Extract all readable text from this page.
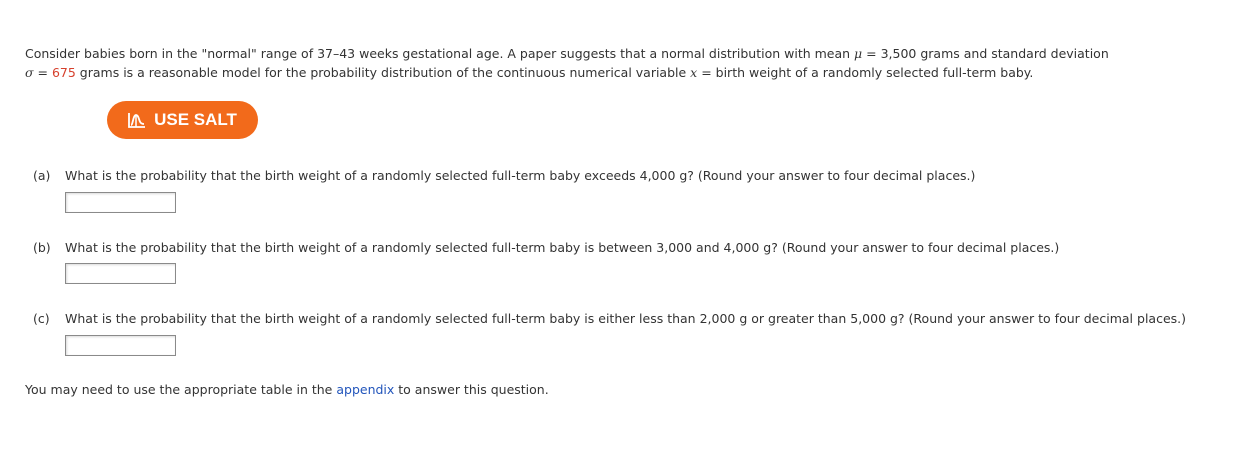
Consider babies born in the "normal" range of 37–43 weeks gestational age. A paper suggests that a normal distribution with mean μ = 3,500 grams and standard deviation
σ = 675 grams is a reasonable model for the probability distribution of the continuous numerical variable x = birth weight of a randomly selected full-term baby.
USE SALT
(a) What is the probability that the birth weight of a randomly selected full-term baby exceeds 4,000 g? (Round your answer to four decimal places.)
(b) What is the probability that the birth weight of a randomly selected full-term baby is between 3,000 and 4,000 g? (Round your answer to four decimal places.)
(c) What is the probability that the birth weight of a randomly selected full-term baby is either less than 2,000 g or greater than 5,000 g? (Round your answer to four decimal places.)
You may need to use the appropriate table in the appendix to answer this question.
